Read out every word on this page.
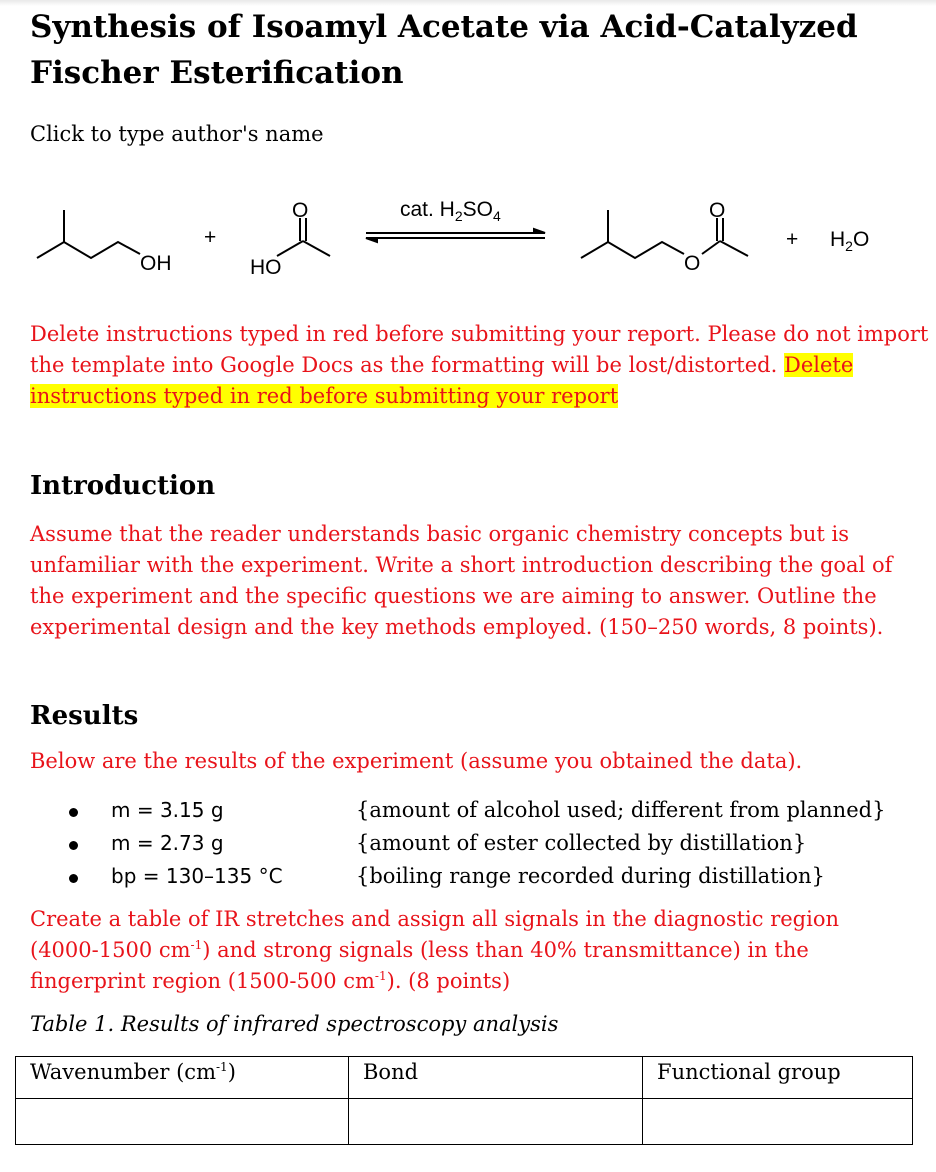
Synthesis of Isoamyl Acetate via Acid-Catalyzed Fischer Esterification

Click to type author's name

OH
+
O
HO
cat. $H_2SO_4$	O
O
+ $H_2O$

Delete instructions typed in red before submitting your report. Please do not import the template into Google Docs as the formatting will be lost/distorted. Delete instructions typed in red before submitting your report

Introduction

Assume that the reader understands basic organic chemistry concepts but is unfamiliar with the experiment. Write a short introduction describing the goal of the experiment and the specific questions we are aiming to answer. Outline the experimental design and the key methods employed. (150–250 words, 8 points).

Results

Below are the results of the experiment (assume you obtained the data).

m = 3.15 g	{amount of alcohol used; different from planned}
m = 2.73 g	{amount of ester collected by distillation}
bp = 130–135 °C	{boiling range recorded during distillation}

Create a table of IR stretches and assign all signals in the diagnostic region (4000-1500 $cm^{-1}$) and strong signals (less than 40% transmittance) in the fingerprint region (1500-500 $cm^{-1}$). (8 points)

Table 1. Results of infrared spectroscopy analysis

Wavenumber $(cm^{-1})$	Bond	Functional group
